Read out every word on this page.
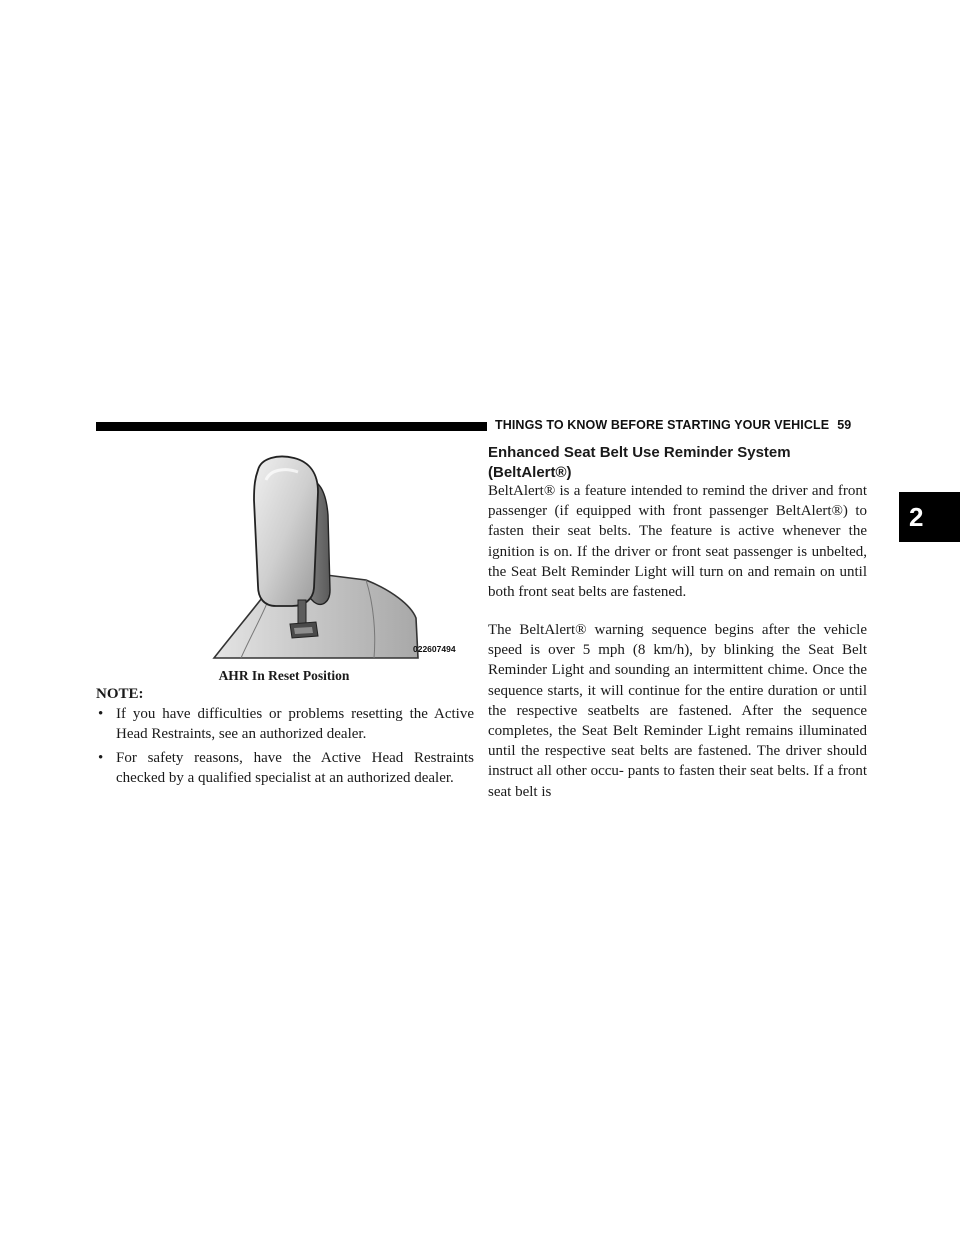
THINGS TO KNOW BEFORE STARTING YOUR VEHICLE 59
2
022607494
AHR In Reset Position
NOTE:
• If you have difficulties or problems resetting the Active Head Restraints, see an authorized dealer.
• For safety reasons, have the Active Head Restraints checked by a qualified specialist at an authorized dealer.
Enhanced Seat Belt Use Reminder System (BeltAlert®)

BeltAlert® is a feature intended to remind the driver and front passenger (if equipped with front passenger BeltAlert®) to fasten their seat belts. The feature is active whenever the ignition is on. If the driver or front seat passenger is unbelted, the Seat Belt Reminder Light will turn on and remain on until both front seat belts are fastened.

The BeltAlert® warning sequence begins after the vehicle speed is over 5 mph (8 km/h), by blinking the Seat Belt Reminder Light and sounding an intermittent chime. Once the sequence starts, it will continue for the entire duration or until the respective seatbelts are fastened. After the sequence completes, the Seat Belt Reminder Light remains illuminated until the respective seat belts are fastened. The driver should instruct all other occu- pants to fasten their seat belts. If a front seat belt is
